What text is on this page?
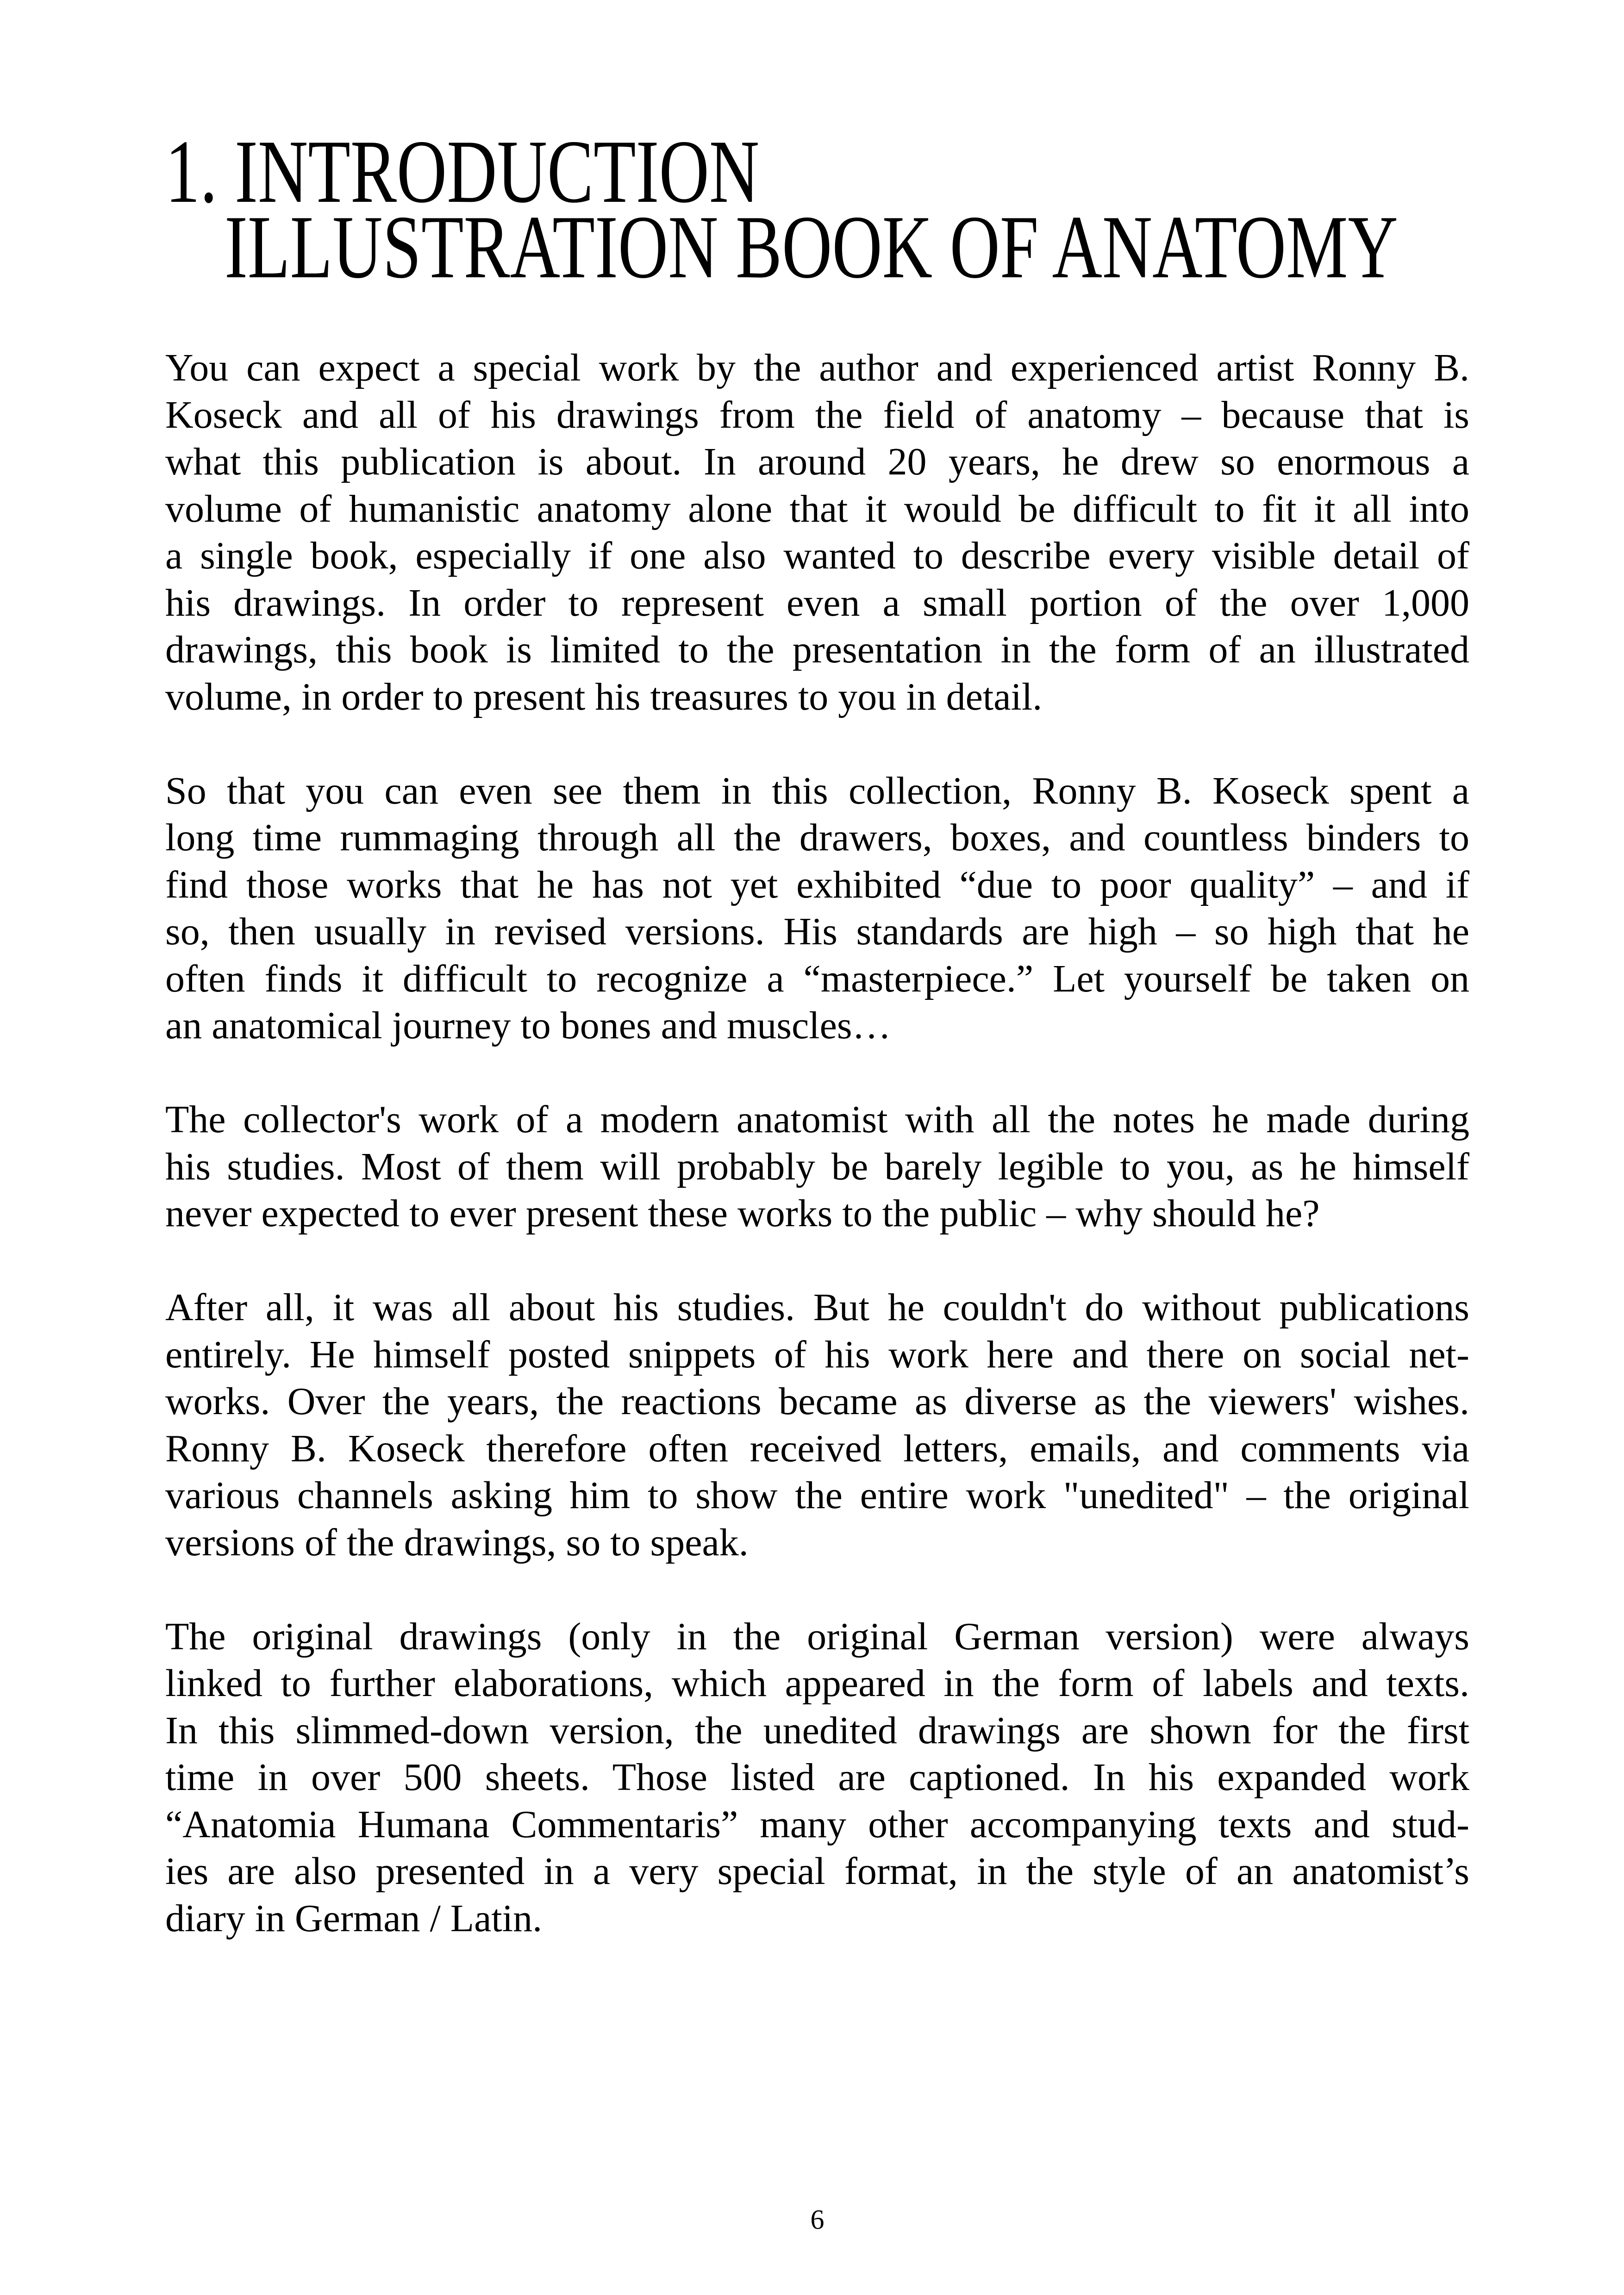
1. INTRODUCTION
ILLUSTRATION BOOK OF ANATOMY
You can expect a special work by the author and experienced artist Ronny B.
Koseck and all of his drawings from the field of anatomy – because that is
what this publication is about. In around 20 years, he drew so enormous a
volume of humanistic anatomy alone that it would be difficult to fit it all into
a single book, especially if one also wanted to describe every visible detail of
his drawings. In order to represent even a small portion of the over 1,000
drawings, this book is limited to the presentation in the form of an illustrated
volume, in order to present his treasures to you in detail.
So that you can even see them in this collection, Ronny B. Koseck spent a
long time rummaging through all the drawers, boxes, and countless binders to
find those works that he has not yet exhibited “due to poor quality” – and if
so, then usually in revised versions. His standards are high – so high that he
often finds it difficult to recognize a “masterpiece.” Let yourself be taken on
an anatomical journey to bones and muscles…
The collector's work of a modern anatomist with all the notes he made during
his studies. Most of them will probably be barely legible to you, as he himself
never expected to ever present these works to the public – why should he?
After all, it was all about his studies. But he couldn't do without publications
entirely. He himself posted snippets of his work here and there on social net-
works. Over the years, the reactions became as diverse as the viewers' wishes.
Ronny B. Koseck therefore often received letters, emails, and comments via
various channels asking him to show the entire work "unedited" – the original
versions of the drawings, so to speak.
The original drawings (only in the original German version) were always
linked to further elaborations, which appeared in the form of labels and texts.
In this slimmed-down version, the unedited drawings are shown for the first
time in over 500 sheets. Those listed are captioned. In his expanded work
“Anatomia Humana Commentaris” many other accompanying texts and stud-
ies are also presented in a very special format, in the style of an anatomist’s
diary in German / Latin.
6
